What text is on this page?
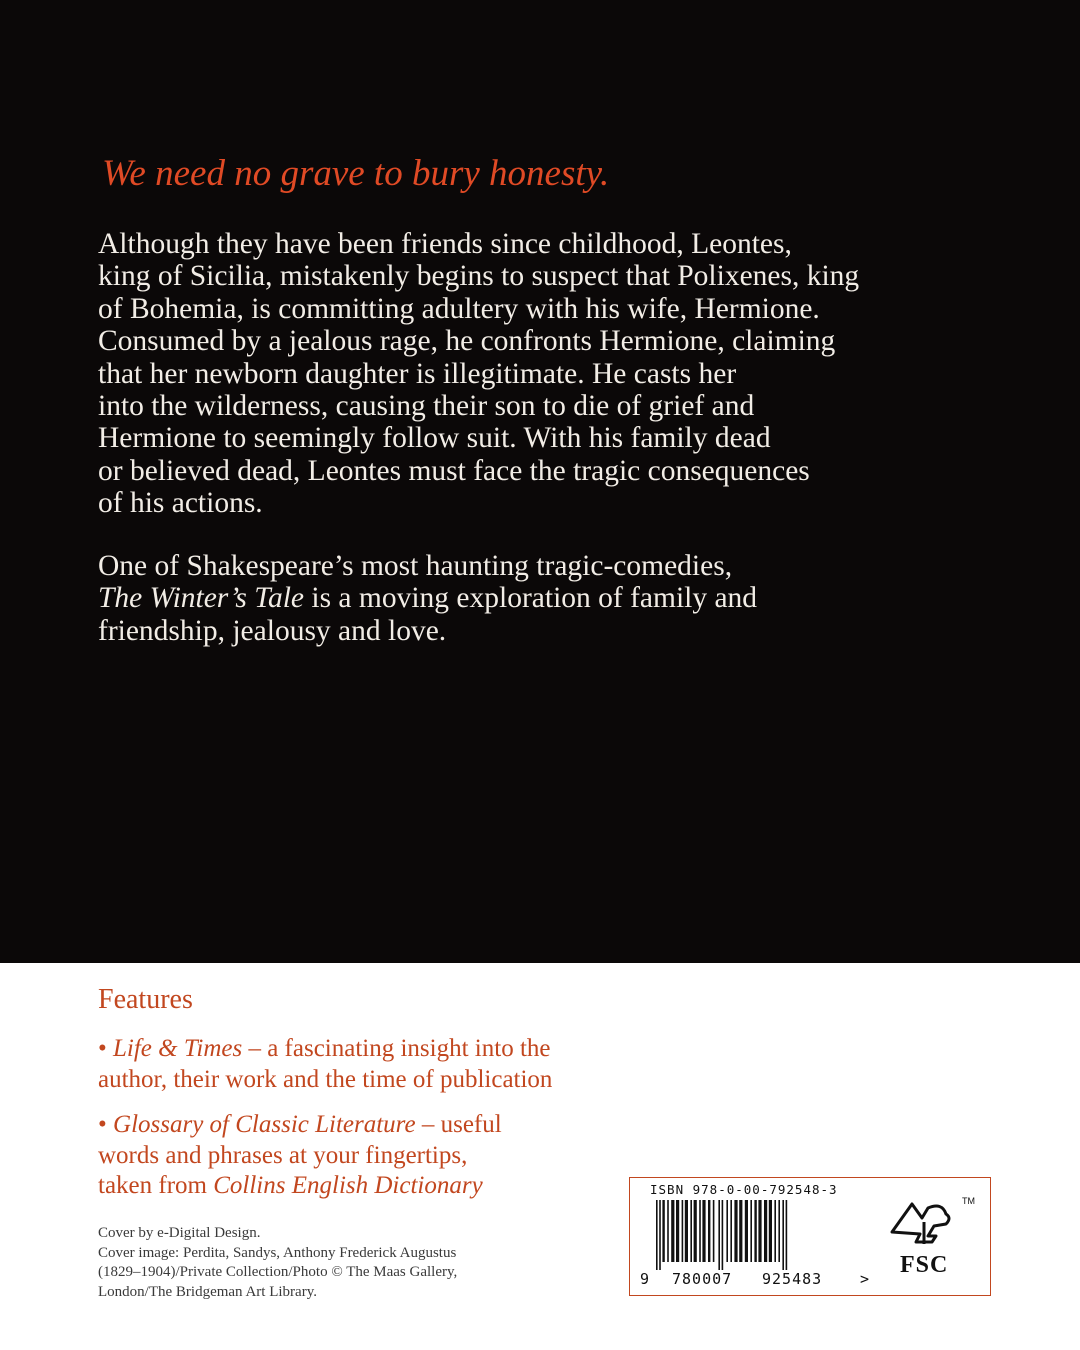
We need no grave to bury honesty.

Although they have been friends since childhood, Leontes,
king of Sicilia, mistakenly begins to suspect that Polixenes, king
of Bohemia, is committing adultery with his wife, Hermione.
Consumed by a jealous rage, he confronts Hermione, claiming
that her newborn daughter is illegitimate. He casts her
into the wilderness, causing their son to die of grief and
Hermione to seemingly follow suit. With his family dead
or believed dead, Leontes must face the tragic consequences
of his actions.

One of Shakespeare’s most haunting tragic-comedies,
The Winter’s Tale is a moving exploration of family and
friendship, jealousy and love.

Features

• Life & Times – a fascinating insight into the
author, their work and the time of publication

• Glossary of Classic Literature – useful
words and phrases at your fingertips,
taken from Collins English Dictionary

Cover by e-Digital Design.
Cover image: Perdita, Sandys, Anthony Frederick Augustus
(1829–1904)/Private Collection/Photo © The Maas Gallery,
London/The Bridgeman Art Library.

ISBN 978-0-00-792548-3
9 780007 925483	>
TM
FSC
